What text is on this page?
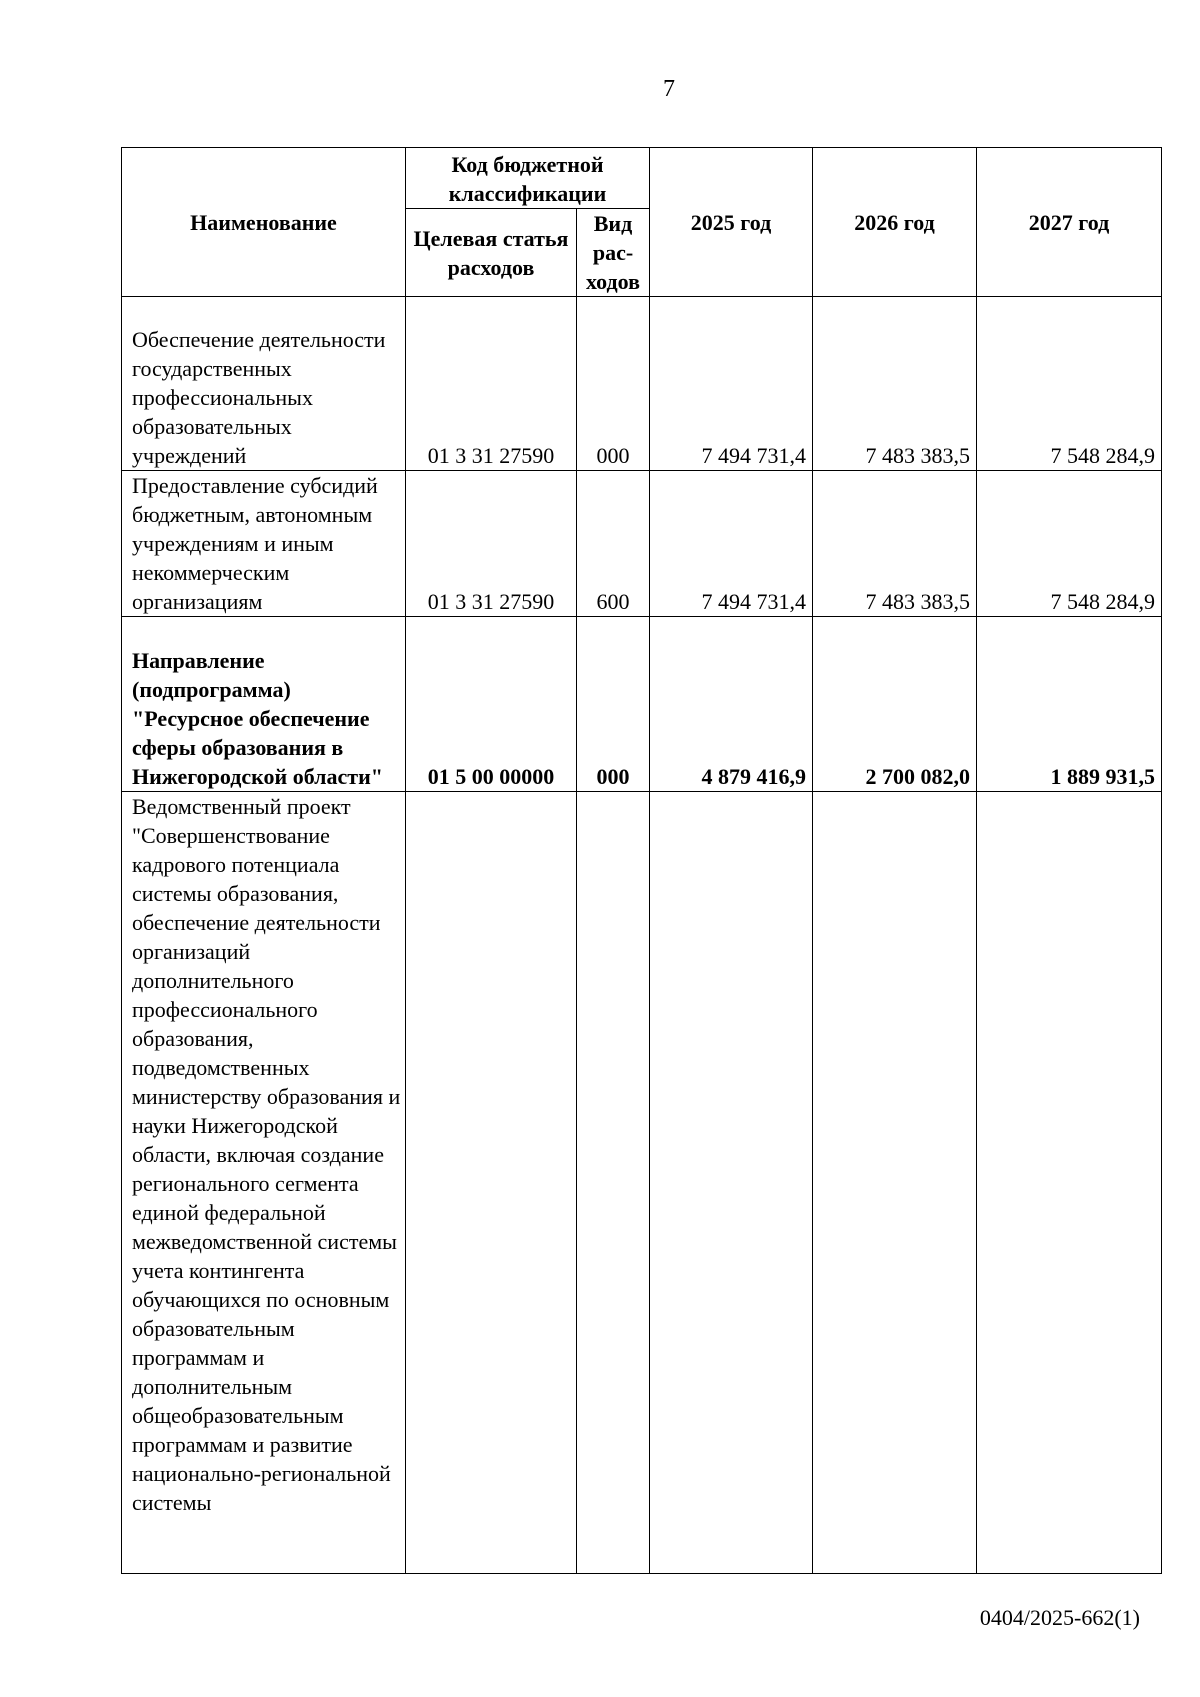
7
Наименование	Код бюджетной классификации		2025 год	2026 год	2027 год
	Целевая статья расходов	Вид рас-ходов			
Обеспечение деятельности государственных профессиональных образовательных учреждений	01 3 31 27590	000	7 494 731,4	7 483 383,5	7 548 284,9
Предоставление субсидий бюджетным, автономным учреждениям и иным некоммерческим организациям	01 3 31 27590	600	7 494 731,4	7 483 383,5	7 548 284,9
Направление (подпрограмма) "Ресурсное обеспечение сферы образования в Нижегородской области"	01 5 00 00000	000	4 879 416,9	2 700 082,0	1 889 931,5
Ведомственный проект "Совершенствование кадрового потенциала системы образования, обеспечение деятельности организаций дополнительного профессионального образования, подведомственных министерству образования и науки Нижегородской области, включая создание регионального сегмента единой федеральной межведомственной системы учета контингента обучающихся по основным образовательным программам и дополнительным общеобразовательным программам и развитие национально-региональной системы					
0404/2025-662(1)
